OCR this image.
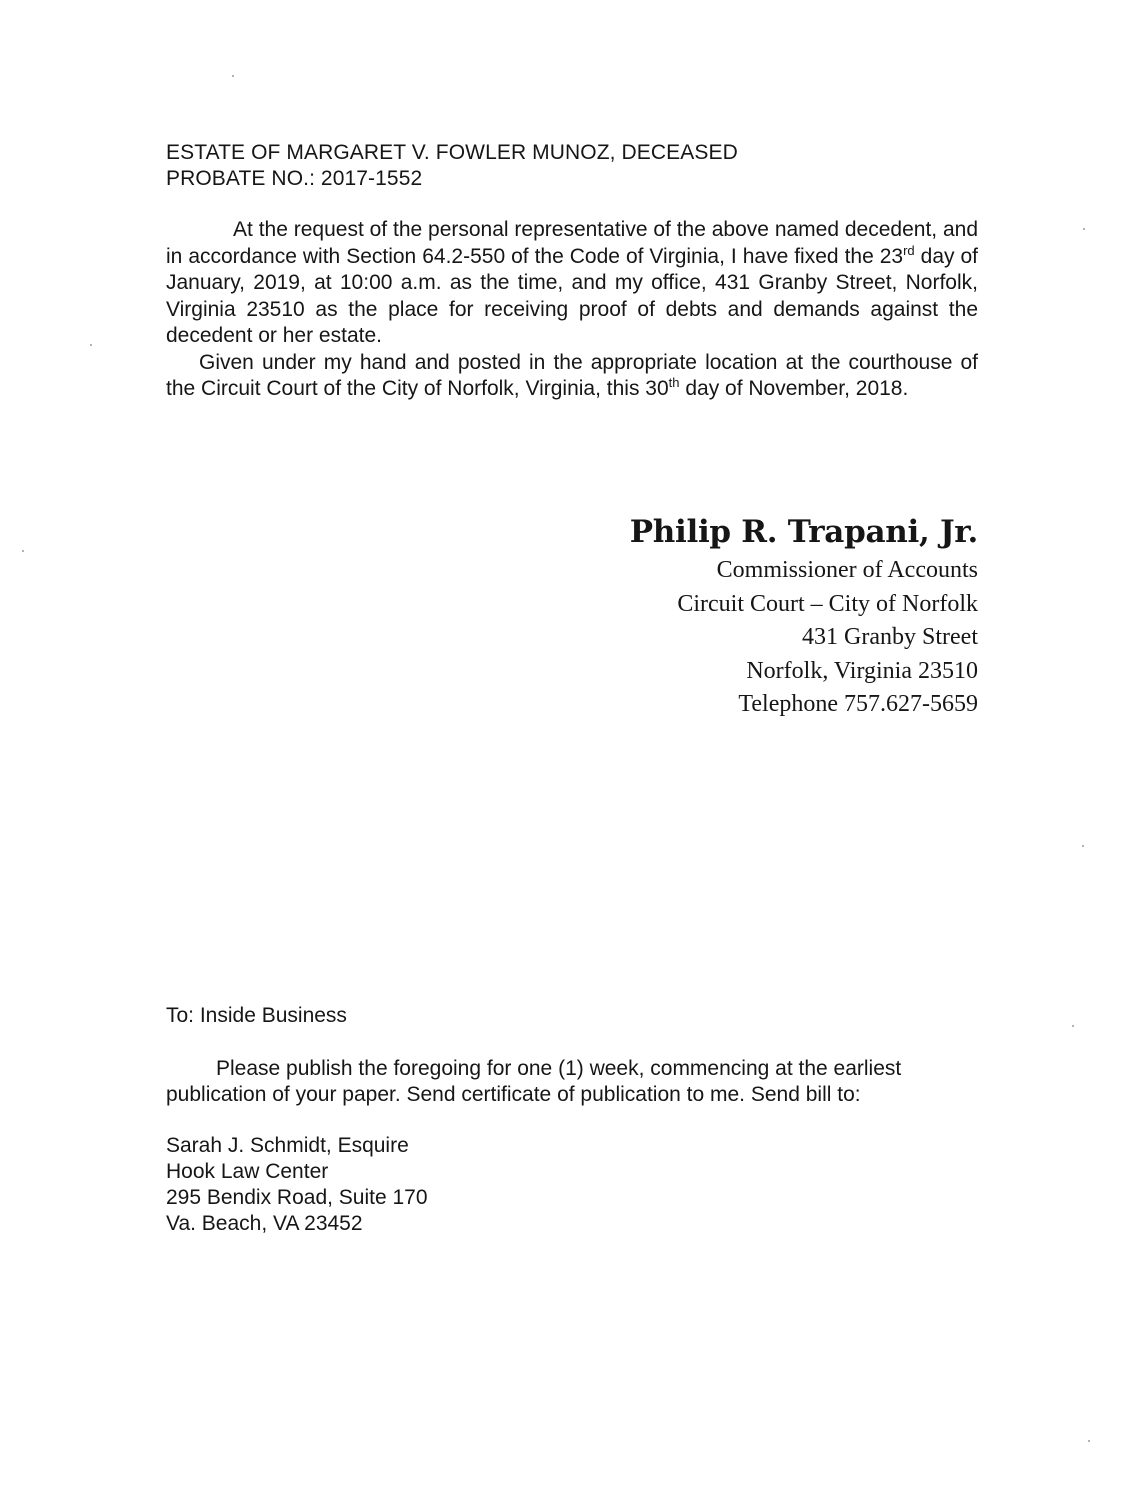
ESTATE OF MARGARET V. FOWLER MUNOZ, DECEASED
PROBATE NO.: 2017-1552

At the request of the personal representative of the above named decedent, and in accordance with Section 64.2-550 of the Code of Virginia, I have fixed the 23rd day of January, 2019, at 10:00 a.m. as the time, and my office, 431 Granby Street, Norfolk, Virginia 23510 as the place for receiving proof of debts and demands against the decedent or her estate.

Given under my hand and posted in the appropriate location at the courthouse of the Circuit Court of the City of Norfolk, Virginia, this 30th day of November, 2018.

Philip R. Trapani, Jr.
Commissioner of Accounts
Circuit Court – City of Norfolk
431 Granby Street
Norfolk, Virginia 23510
Telephone 757.627-5659
To: Inside Business

Please publish the foregoing for one (1) week, commencing at the earliest publication of your paper. Send certificate of publication to me. Send bill to:

Sarah J. Schmidt, Esquire
Hook Law Center
295 Bendix Road, Suite 170
Va. Beach, VA 23452
